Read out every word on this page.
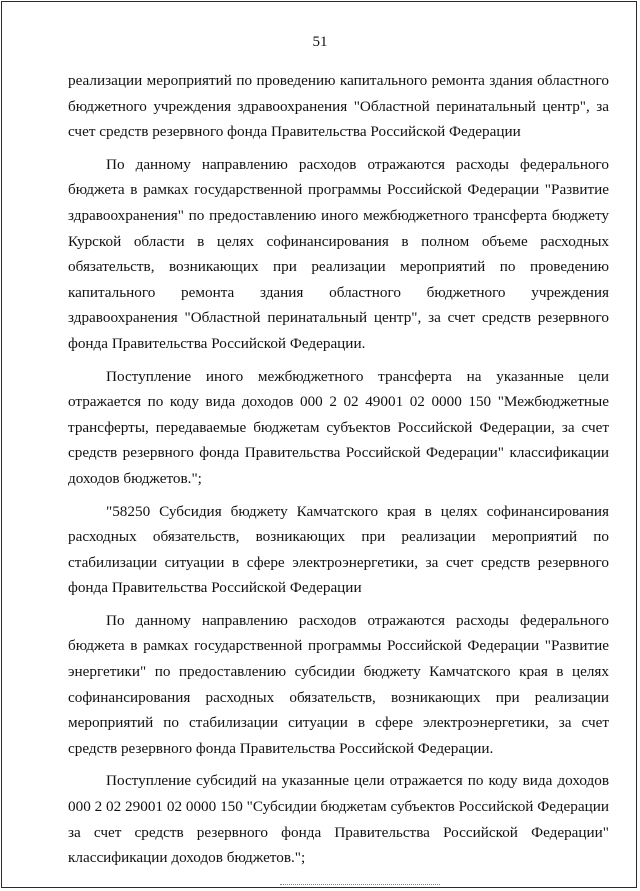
51

реализации мероприятий по проведению капитального ремонта здания областного бюджетного учреждения здравоохранения "Областной перинатальный центр", за счет средств резервного фонда Правительства Российской Федерации

По данному направлению расходов отражаются расходы федерального бюджета в рамках государственной программы Российской Федерации "Развитие здравоохранения" по предоставлению иного межбюджетного трансферта бюджету Курской области в целях софинансирования в полном объеме расходных обязательств, возникающих при реализации мероприятий по проведению капитального ремонта здания областного бюджетного учреждения здравоохранения "Областной перинатальный центр", за счет средств резервного фонда Правительства Российской Федерации.

Поступление иного межбюджетного трансферта на указанные цели отражается по коду вида доходов 000 2 02 49001 02 0000 150 "Межбюджетные трансферты, передаваемые бюджетам субъектов Российской Федерации, за счет средств резервного фонда Правительства Российской Федерации" классификации доходов бюджетов.";

"58250 Субсидия бюджету Камчатского края в целях софинансирования расходных обязательств, возникающих при реализации мероприятий по стабилизации ситуации в сфере электроэнергетики, за счет средств резервного фонда Правительства Российской Федерации

По данному направлению расходов отражаются расходы федерального бюджета в рамках государственной программы Российской Федерации "Развитие энергетики" по предоставлению субсидии бюджету Камчатского края в целях софинансирования расходных обязательств, возникающих при реализации мероприятий по стабилизации ситуации в сфере электроэнергетики, за счет средств резервного фонда Правительства Российской Федерации.

Поступление субсидий на указанные цели отражается по коду вида доходов 000 2 02 29001 02 0000 150 "Субсидии бюджетам субъектов Российской Федерации за счет средств резервного фонда Правительства Российской Федерации" классификации доходов бюджетов.";
